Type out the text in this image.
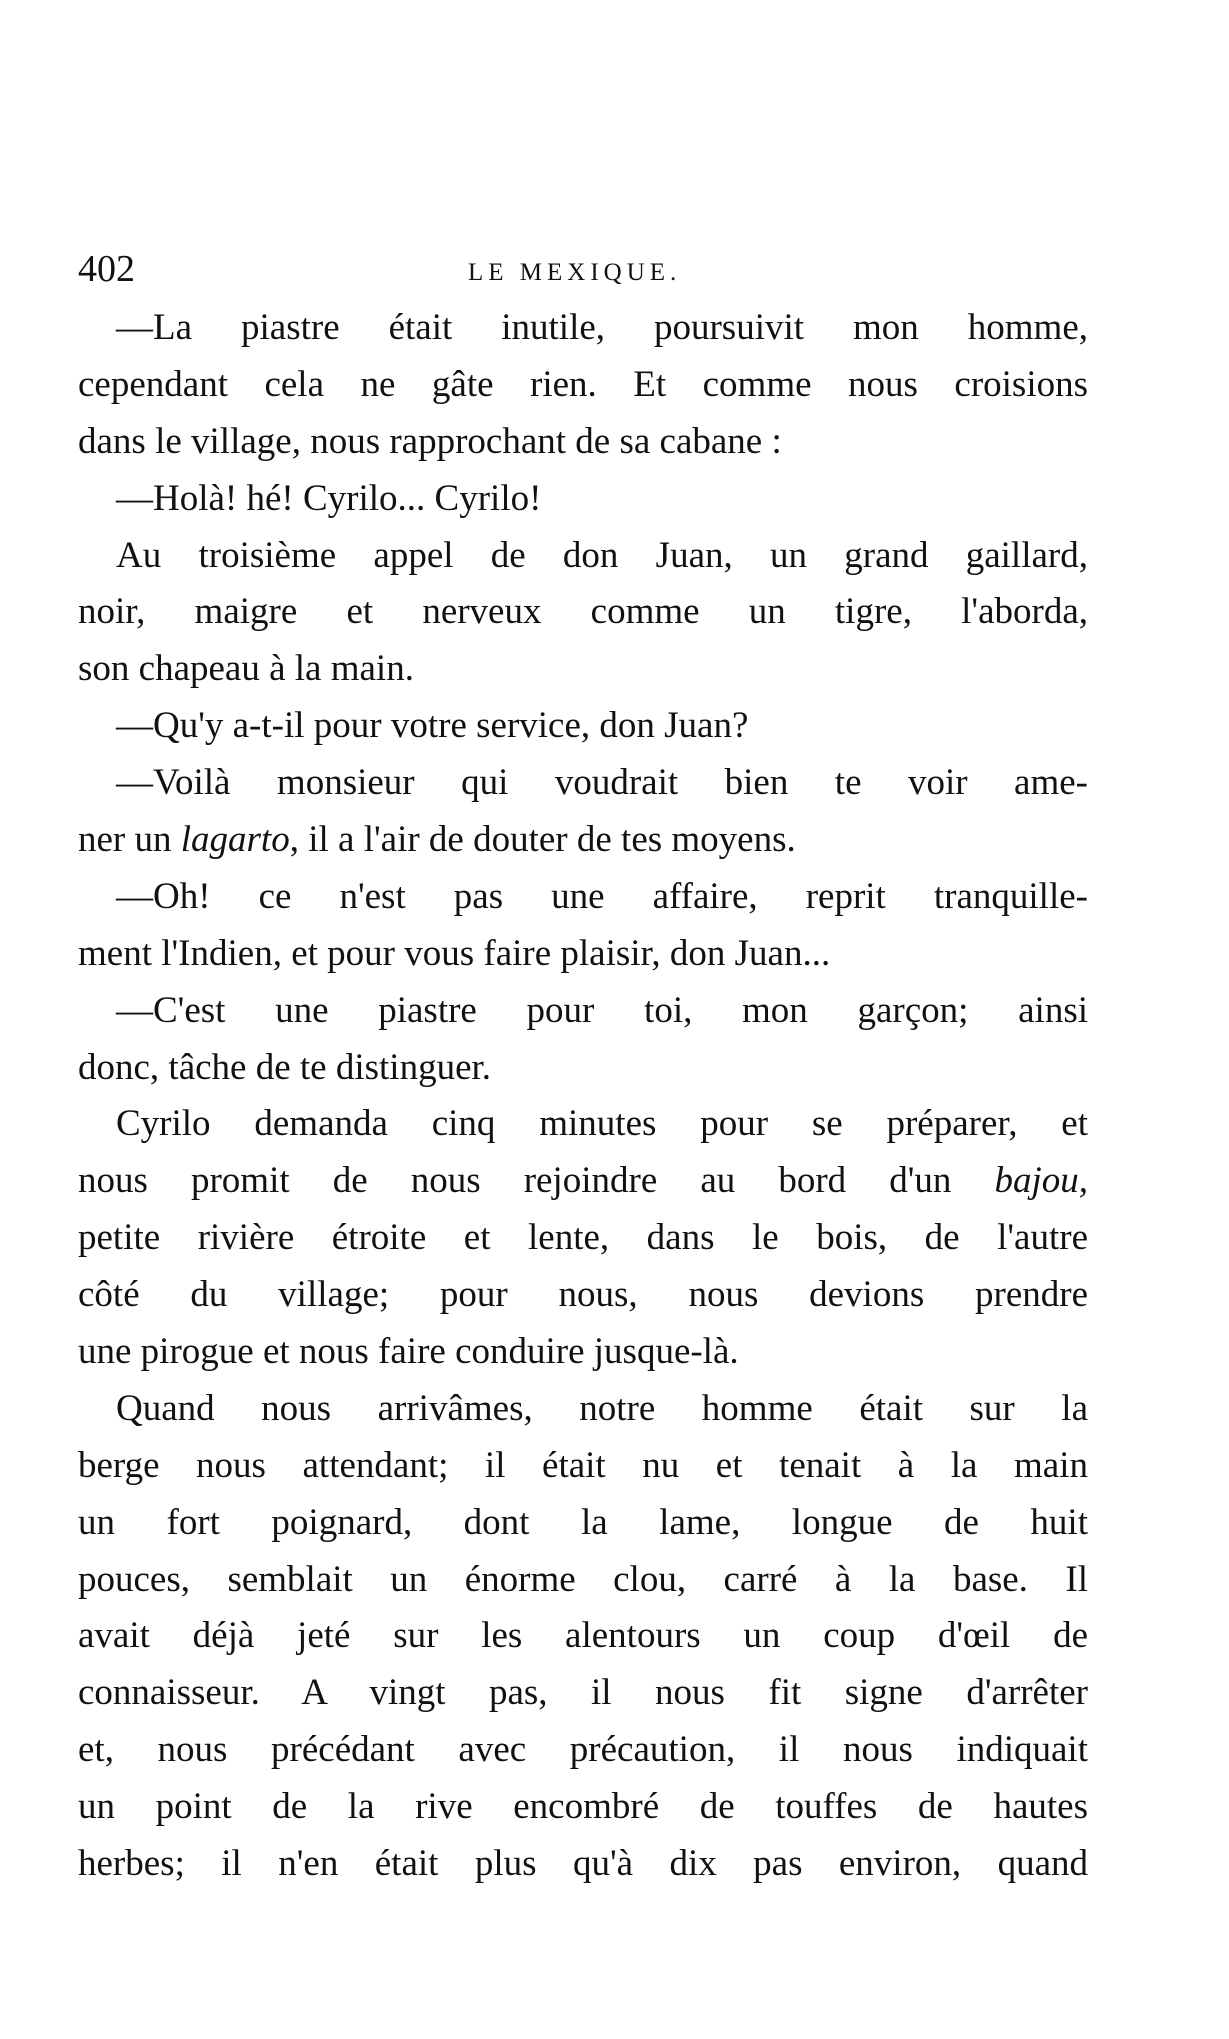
402	LE MEXIQUE.
—La piastre était inutile, poursuivit mon homme,
cependant cela ne gâte rien. Et comme nous croisions
dans le village, nous rapprochant de sa cabane :
—Holà! hé! Cyrilo... Cyrilo!
Au troisième appel de don Juan, un grand gaillard,
noir, maigre et nerveux comme un tigre, l'aborda,
son chapeau à la main.
—Qu'y a-t-il pour votre service, don Juan?
—Voilà monsieur qui voudrait bien te voir ame-
ner un lagarto, il a l'air de douter de tes moyens.
—Oh! ce n'est pas une affaire, reprit tranquille-
ment l'Indien, et pour vous faire plaisir, don Juan...
—C'est une piastre pour toi, mon garçon; ainsi
donc, tâche de te distinguer.
Cyrilo demanda cinq minutes pour se préparer, et
nous promit de nous rejoindre au bord d'un bajou,
petite rivière étroite et lente, dans le bois, de l'autre
côté du village; pour nous, nous devions prendre
une pirogue et nous faire conduire jusque-là.
Quand nous arrivâmes, notre homme était sur la
berge nous attendant; il était nu et tenait à la main
un fort poignard, dont la lame, longue de huit
pouces, semblait un énorme clou, carré à la base. Il
avait déjà jeté sur les alentours un coup d'œil de
connaisseur. A vingt pas, il nous fit signe d'arrêter
et, nous précédant avec précaution, il nous indiquait
un point de la rive encombré de touffes de hautes
herbes; il n'en était plus qu'à dix pas environ, quand
